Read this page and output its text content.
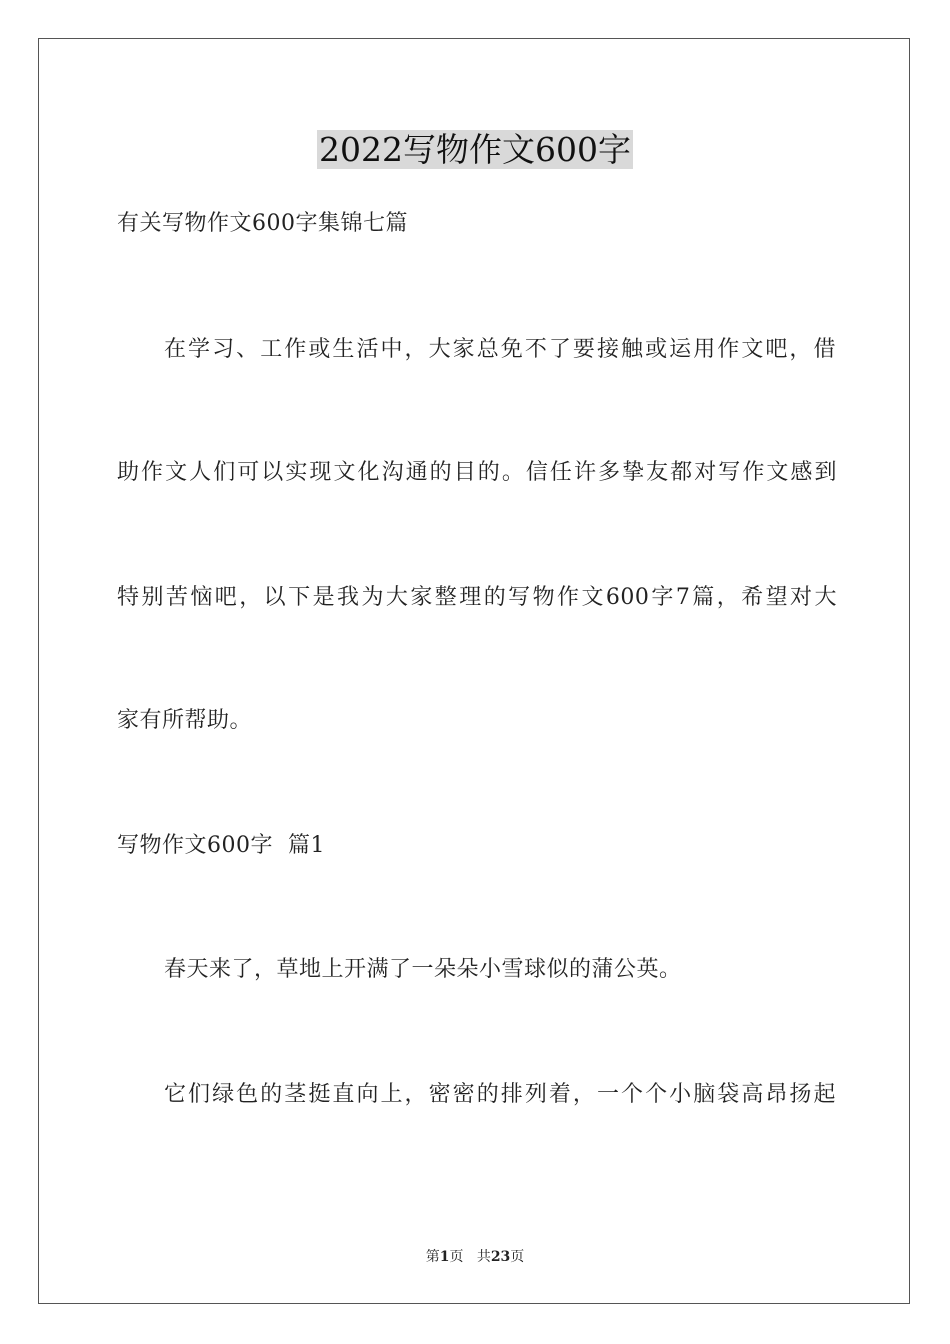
2022写物作文600字
有关写物作文600字集锦七篇
在学习、工作或生活中，大家总免不了要接触或运用作文吧，借
助作文人们可以实现文化沟通的目的。信任许多挚友都对写作文感到
特别苦恼吧，以下是我为大家整理的写物作文600字7篇，希望对大
家有所帮助。
写物作文600字  篇1
春天来了，草地上开满了一朵朵小雪球似的蒲公英。
它们绿色的茎挺直向上，密密的排列着，一个个小脑袋高昂扬起
第1页 共23页
